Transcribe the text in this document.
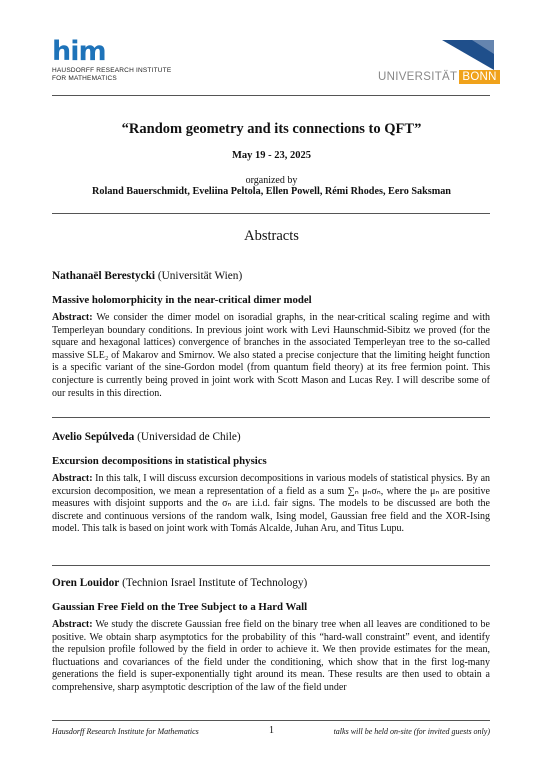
him
HAUSDORFF RESEARCH INSTITUTE
FOR MATHEMATICS	UNIVERSITÄT BONN
“Random geometry and its connections to QFT”
May 19 - 23, 2025
organized by
Roland Bauerschmidt, Eveliina Peltola, Ellen Powell, Rémi Rhodes, Eero Saksman
Abstracts
Nathanaël Berestycki (Universität Wien)
Massive holomorphicity in the near-critical dimer model
Abstract: We consider the dimer model on isoradial graphs, in the near-critical scaling regime and with Temperleyan boundary conditions. In previous joint work with Levi Haunschmid-Sibitz we proved (for the square and hexagonal lattices) convergence of branches in the associated Temperleyan tree to the so-called massive SLE₂ of Makarov and Smirnov. We also stated a precise conjecture that the limiting height function is a specific variant of the sine-Gordon model (from quantum field theory) at its free fermion point. This conjecture is currently being proved in joint work with Scott Mason and Lucas Rey. I will describe some of our results in this direction.
Avelio Sepúlveda (Universidad de Chile)
Excursion decompositions in statistical physics
Abstract: In this talk, I will discuss excursion decompositions in various models of statistical physics. By an excursion decomposition, we mean a representation of a field as a sum ∑ₙ μₙσₙ, where the μₙ are positive measures with disjoint supports and the σₙ are i.i.d. fair signs. The models to be discussed are both the discrete and continuous versions of the random walk, Ising model, Gaussian free field and the XOR-Ising model. This talk is based on joint work with Tomás Alcalde, Juhan Aru, and Titus Lupu.
Oren Louidor (Technion Israel Institute of Technology)
Gaussian Free Field on the Tree Subject to a Hard Wall
Abstract: We study the discrete Gaussian free field on the binary tree when all leaves are conditioned to be positive. We obtain sharp asymptotics for the probability of this “hard-wall constraint” event, and identify the repulsion profile followed by the field in order to achieve it. We then provide estimates for the mean, fluctuations and covariances of the field under the conditioning, which show that in the first log-many generations the field is super-exponentially tight around its mean. These results are then used to obtain a comprehensive, sharp asymptotic description of the law of the field under
Hausdorff Research Institute for Mathematics	1	talks will be held on-site (for invited guests only)
